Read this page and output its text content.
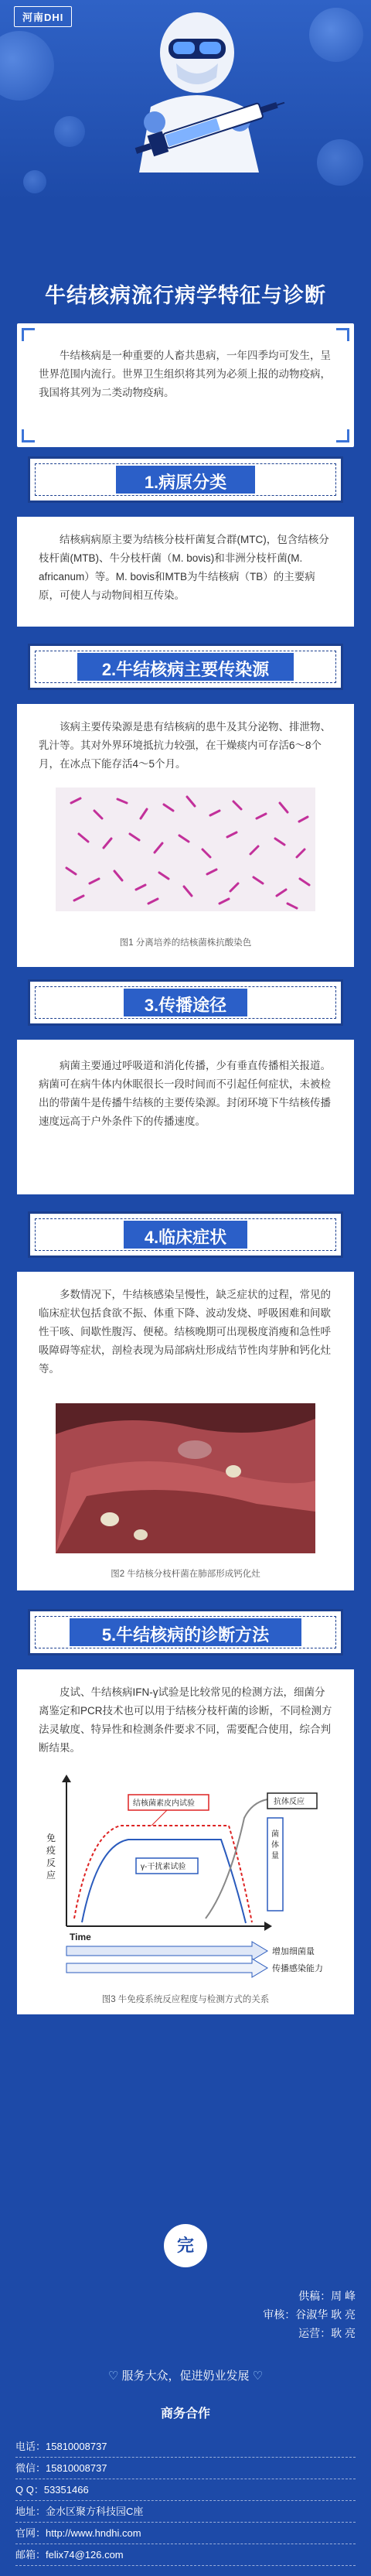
河南DHI
牛结核病流行病学特征与诊断
牛结核病是一种重要的人畜共患病，一年四季均可发生，呈世界范围内流行。世界卫生组织将其列为必须上报的动物疫病，我国将其列为二类动物疫病。
1.病原分类
结核病病原主要为结核分枝杆菌复合群(MTC)，包含结核分枝杆菌(MTB)、牛分枝杆菌（M. bovis)和非洲分枝杆菌(M. africanum）等。M. bovis和MTB为牛结核病（TB）的主要病原，可使人与动物间相互传染。
2.牛结核病主要传染源
该病主要传染源是患有结核病的患牛及其分泌物、排泄物、乳汁等。其对外界环境抵抗力较强，在干燥痰内可存活6～8个月，在冰点下能存活4～5个月。
图1 分离培养的结核菌株抗酸染色
3.传播途径
病菌主要通过呼吸道和消化传播，少有垂直传播相关报道。病菌可在病牛体内休眠很长一段时间而不引起任何症状，未被检出的带菌牛是传播牛结核的主要传染源。封闭环境下牛结核传播速度远高于户外条件下的传播速度。
4.临床症状
多数情况下，牛结核感染呈慢性，缺乏症状的过程，常见的临床症状包括食欲不振、体重下降、波动发烧、呼吸困难和间歇性干咳、间歇性腹泻、便秘。结核晚期可出现极度消瘦和急性呼吸障碍等症状，剖检表现为局部病灶形成结节性肉芽肿和钙化灶等。
图2 牛结核分枝杆菌在肺部形成钙化灶
5.牛结核病的诊断方法
皮试、牛结核病IFN-γ试验是比较常见的检测方法，细菌分离鉴定和PCR技术也可以用于结核分枝杆菌的诊断，不同检测方法灵敏度、特异性和检测条件要求不同，需要配合使用，综合判断结果。
免 疫 反 应
Time
结核菌素皮内试验
γ-干扰素试验
抗体反应
菌 体 量
增加细菌量
传播感染能力
图3 牛免疫系统反应程度与检测方式的关系
完
供稿：周 峰
审核：谷淑华 耿 亮
运营：耿 亮
♡ 服务大众，促进奶业发展 ♡
商务合作
电话：15810008737
微信：15810008737
Q Q：53351466
地址：金水区聚方科技园C座
官网：http://www.hndhi.com
邮箱：felix74@126.com
